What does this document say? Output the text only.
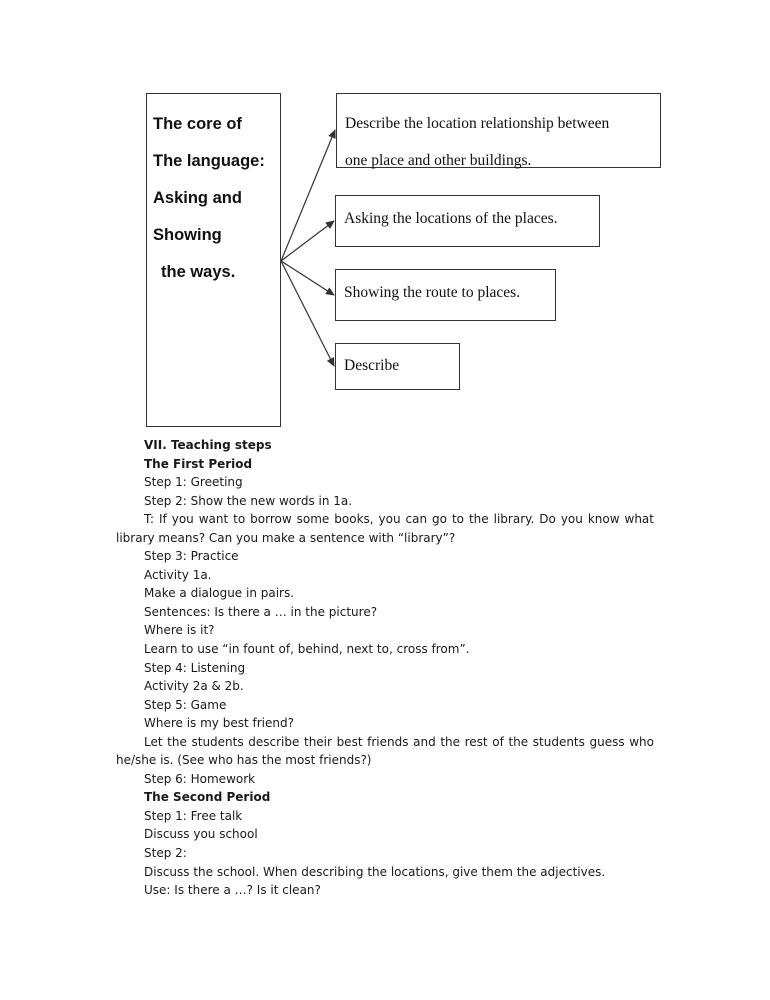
The core of
The language:
Asking and
Showing
the ways.
Describe the location relationship between
one place and other buildings.
Asking the locations of the places.
Showing the route to places.
Describe

VII. Teaching steps

The First Period

Step 1: Greeting

Step 2: Show the new words in 1a.

T: If you want to borrow some books, you can go to the library. Do you know what library means? Can you make a sentence with “library”?

Step 3: Practice

Activity 1a.

Make a dialogue in pairs.

Sentences: Is there a … in the picture?

Where is it?

Learn to use “in fount of, behind, next to, cross from”.

Step 4: Listening

Activity 2a & 2b.

Step 5: Game

Where is my best friend?

Let the students describe their best friends and the rest of the students guess who he/she is. (See who has the most friends?)

Step 6: Homework

The Second Period

Step 1: Free talk

Discuss you school

Step 2:

Discuss the school. When describing the locations, give them the adjectives.

Use: Is there a …? Is it clean?
